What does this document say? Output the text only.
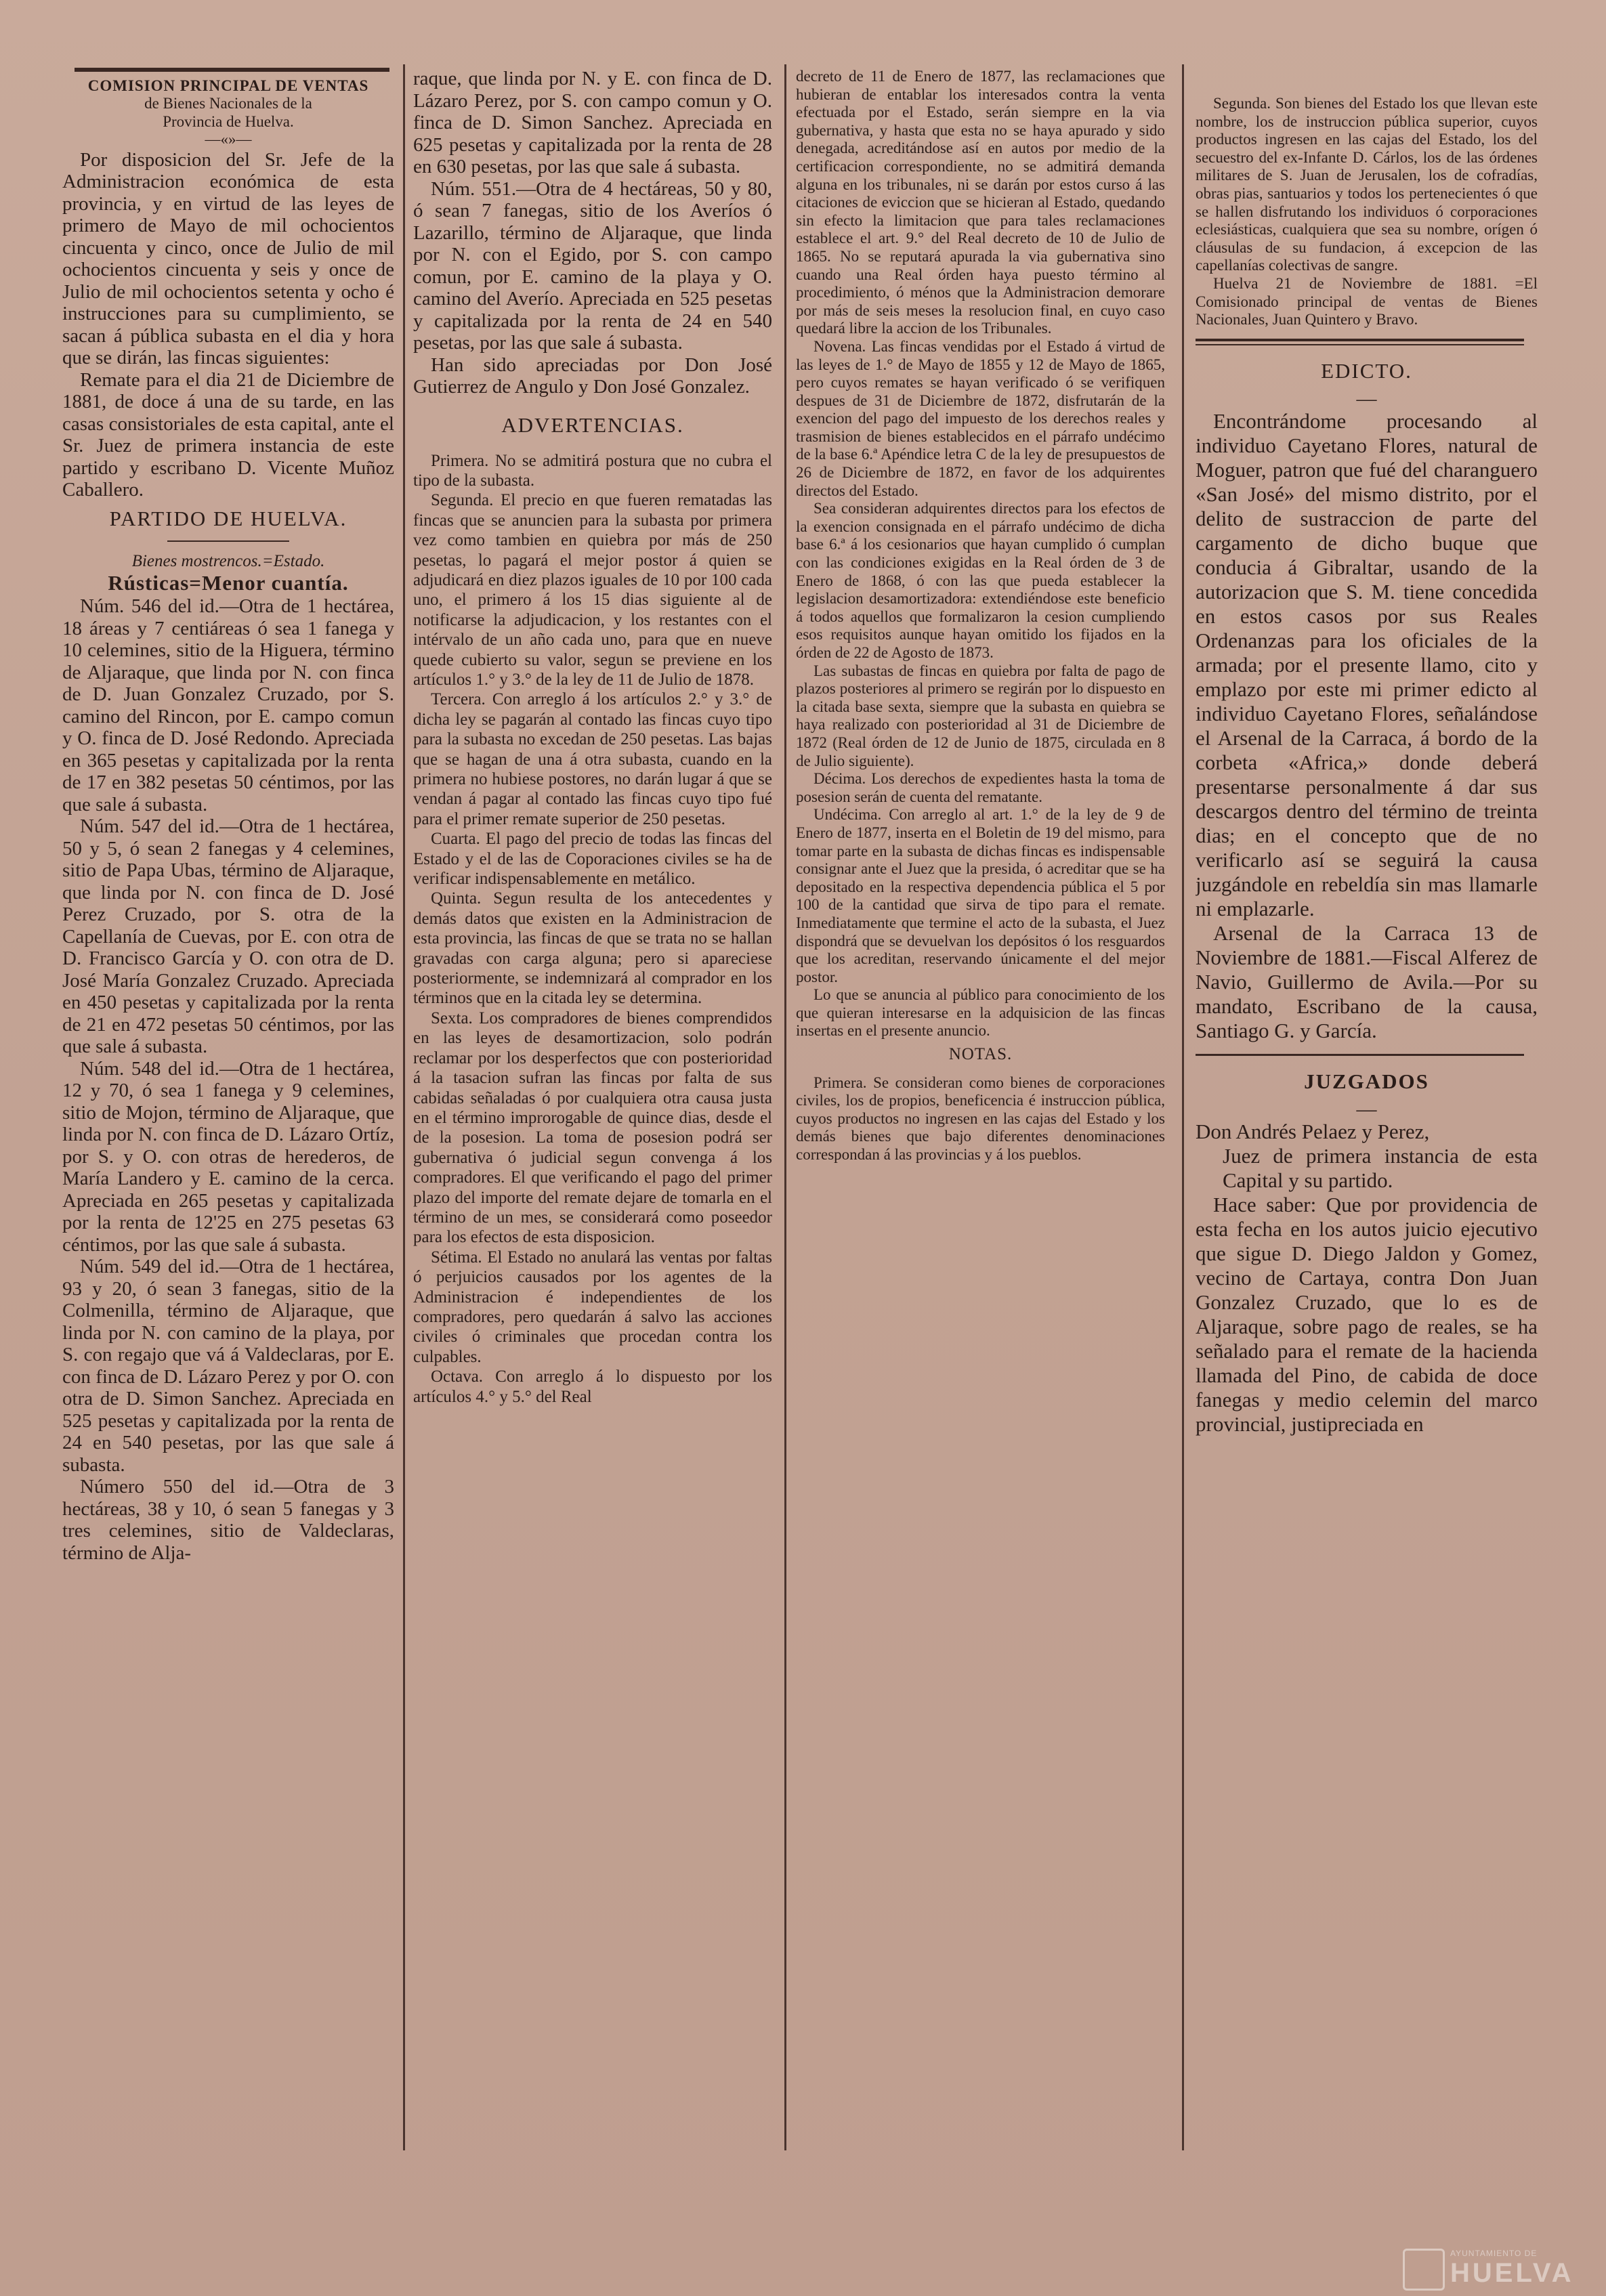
COMISION PRINCIPAL DE VENTAS

de Bienes Nacionales de la

Provincia de Huelva.

—«»—

Por disposicion del Sr. Jefe de la Administracion económica de esta provincia, y en virtud de las leyes de primero de Mayo de mil ochocientos cincuenta y cinco, once de Julio de mil ochocientos cincuenta y seis y once de Julio de mil ochocientos setenta y ocho é instrucciones para su cumplimiento, se sacan á pública subasta en el dia y hora que se dirán, las fincas siguientes:

Remate para el dia 21 de Diciembre de 1881, de doce á una de su tarde, en las casas consistoriales de esta capital, ante el Sr. Juez de primera instancia de este partido y escribano D. Vicente Muñoz Caballero.

PARTIDO DE HUELVA.

Bienes mostrencos.=Estado.

Rústicas=Menor cuantía.

Núm. 546 del id.—Otra de 1 hectárea, 18 áreas y 7 centiáreas ó sea 1 fanega y 10 celemines, sitio de la Higuera, término de Aljaraque, que linda por N. con finca de D. Juan Gonzalez Cruzado, por S. camino del Rincon, por E. campo comun y O. finca de D. José Redondo. Apreciada en 365 pesetas y capitalizada por la renta de 17 en 382 pesetas 50 céntimos, por las que sale á subasta.

Núm. 547 del id.—Otra de 1 hectárea, 50 y 5, ó sean 2 fanegas y 4 celemines, sitio de Papa Ubas, término de Aljaraque, que linda por N. con finca de D. José Perez Cruzado, por S. otra de la Capellanía de Cuevas, por E. con otra de D. Francisco García y O. con otra de D. José María Gonzalez Cruzado. Apreciada en 450 pesetas y capitalizada por la renta de 21 en 472 pesetas 50 céntimos, por las que sale á subasta.

Núm. 548 del id.—Otra de 1 hectárea, 12 y 70, ó sea 1 fanega y 9 celemines, sitio de Mojon, término de Aljaraque, que linda por N. con finca de D. Lázaro Ortíz, por S. y O. con otras de herederos, de María Landero y E. camino de la cerca. Apreciada en 265 pesetas y capitalizada por la renta de 12'25 en 275 pesetas 63 céntimos, por las que sale á subasta.

Núm. 549 del id.—Otra de 1 hectárea, 93 y 20, ó sean 3 fanegas, sitio de la Colmenilla, término de Aljaraque, que linda por N. con camino de la playa, por S. con regajo que vá á Valdeclaras, por E. con finca de D. Lázaro Perez y por O. con otra de D. Simon Sanchez. Apreciada en 525 pesetas y capitalizada por la renta de 24 en 540 pesetas, por las que sale á subasta.

Número 550 del id.—Otra de 3 hectáreas, 38 y 10, ó sean 5 fanegas y 3 tres celemines, sitio de Valdeclaras, término de Alja-

raque, que linda por N. y E. con finca de D. Lázaro Perez, por S. con campo comun y O. finca de D. Simon Sanchez. Apreciada en 625 pesetas y capitalizada por la renta de 28 en 630 pesetas, por las que sale á subasta.

Núm. 551.—Otra de 4 hectáreas, 50 y 80, ó sean 7 fanegas, sitio de los Averíos ó Lazarillo, término de Aljaraque, que linda por N. con el Egido, por S. con campo comun, por E. camino de la playa y O. camino del Averío. Apreciada en 525 pesetas y capitalizada por la renta de 24 en 540 pesetas, por las que sale á subasta.

Han sido apreciadas por Don José Gutierrez de Angulo y Don José Gonzalez.

ADVERTENCIAS.

Primera. No se admitirá postura que no cubra el tipo de la subasta.

Segunda. El precio en que fueren rematadas las fincas que se anuncien para la subasta por primera vez como tambien en quiebra por más de 250 pesetas, lo pagará el mejor postor á quien se adjudicará en diez plazos iguales de 10 por 100 cada uno, el primero á los 15 dias siguiente al de notificarse la adjudicacion, y los restantes con el intérvalo de un año cada uno, para que en nueve quede cubierto su valor, segun se previene en los artículos 1.° y 3.° de la ley de 11 de Julio de 1878.

Tercera. Con arreglo á los artículos 2.° y 3.° de dicha ley se pagarán al contado las fincas cuyo tipo para la subasta no excedan de 250 pesetas. Las bajas que se hagan de una á otra subasta, cuando en la primera no hubiese postores, no darán lugar á que se vendan á pagar al contado las fincas cuyo tipo fué para el primer remate superior de 250 pesetas.

Cuarta. El pago del precio de todas las fincas del Estado y el de las de Coporaciones civiles se ha de verificar indispensablemente en metálico.

Quinta. Segun resulta de los antecedentes y demás datos que existen en la Administracion de esta provincia, las fincas de que se trata no se hallan gravadas con carga alguna; pero si apareciese posteriormente, se indemnizará al comprador en los términos que en la citada ley se determina.

Sexta. Los compradores de bienes comprendidos en las leyes de desamortizacion, solo podrán reclamar por los desperfectos que con posterioridad á la tasacion sufran las fincas por falta de sus cabidas señaladas ó por cualquiera otra causa justa en el término improrogable de quince dias, desde el de la posesion. La toma de posesion podrá ser gubernativa ó judicial segun convenga á los compradores. El que verificando el pago del primer plazo del importe del remate dejare de tomarla en el término de un mes, se considerará como poseedor para los efectos de esta disposicion.

Sétima. El Estado no anulará las ventas por faltas ó perjuicios causados por los agentes de la Administracion é independientes de los compradores, pero quedarán á salvo las acciones civiles ó criminales que procedan contra los culpables.

Octava. Con arreglo á lo dispuesto por los artículos 4.° y 5.° del Real

decreto de 11 de Enero de 1877, las reclamaciones que hubieran de entablar los interesados contra la venta efectuada por el Estado, serán siempre en la via gubernativa, y hasta que esta no se haya apurado y sido denegada, acreditándose así en autos por medio de la certificacion correspondiente, no se admitirá demanda alguna en los tribunales, ni se darán por estos curso á las citaciones de eviccion que se hicieran al Estado, quedando sin efecto la limitacion que para tales reclamaciones establece el art. 9.° del Real decreto de 10 de Julio de 1865. No se reputará apurada la via gubernativa sino cuando una Real órden haya puesto término al procedimiento, ó ménos que la Administracion demorare por más de seis meses la resolucion final, en cuyo caso quedará libre la accion de los Tribunales.

Novena. Las fincas vendidas por el Estado á virtud de las leyes de 1.° de Mayo de 1855 y 12 de Mayo de 1865, pero cuyos remates se hayan verificado ó se verifiquen despues de 31 de Diciembre de 1872, disfrutarán de la exencion del pago del impuesto de los derechos reales y trasmision de bienes establecidos en el párrafo undécimo de la base 6.ª Apéndice letra C de la ley de presupuestos de 26 de Diciembre de 1872, en favor de los adquirentes directos del Estado.

Sea consideran adquirentes directos para los efectos de la exencion consignada en el párrafo undécimo de dicha base 6.ª á los cesionarios que hayan cumplido ó cumplan con las condiciones exigidas en la Real órden de 3 de Enero de 1868, ó con las que pueda establecer la legislacion desamortizadora: extendiéndose este beneficio á todos aquellos que formalizaron la cesion cumpliendo esos requisitos aunque hayan omitido los fijados en la órden de 22 de Agosto de 1873.

Las subastas de fincas en quiebra por falta de pago de plazos posteriores al primero se regirán por lo dispuesto en la citada base sexta, siempre que la subasta en quiebra se haya realizado con posterioridad al 31 de Diciembre de 1872 (Real órden de 12 de Junio de 1875, circulada en 8 de Julio siguiente).

Décima. Los derechos de expedientes hasta la toma de posesion serán de cuenta del rematante.

Undécima. Con arreglo al art. 1.° de la ley de 9 de Enero de 1877, inserta en el Boletin de 19 del mismo, para tomar parte en la subasta de dichas fincas es indispensable consignar ante el Juez que la presida, ó acreditar que se ha depositado en la respectiva dependencia pública el 5 por 100 de la cantidad que sirva de tipo para el remate. Inmediatamente que termine el acto de la subasta, el Juez dispondrá que se devuelvan los depósitos ó los resguardos que los acreditan, reservando únicamente el del mejor postor.

Lo que se anuncia al público para conocimiento de los que quieran interesarse en la adquisicion de las fincas insertas en el presente anuncio.

NOTAS.

Primera. Se consideran como bienes de corporaciones civiles, los de propios, beneficencia é instruccion pública, cuyos productos no ingresen en las cajas del Estado y los demás bienes que bajo diferentes denominaciones correspondan á las provincias y á los pueblos.

Segunda. Son bienes del Estado los que llevan este nombre, los de instruccion pública superior, cuyos productos ingresen en las cajas del Estado, los del secuestro del ex-Infante D. Cárlos, los de las órdenes militares de S. Juan de Jerusalen, los de cofradías, obras pias, santuarios y todos los pertenecientes ó que se hallen disfrutando los individuos ó corporaciones eclesiásticas, cualquiera que sea su nombre, orígen ó cláusulas de su fundacion, á excepcion de las capellanías colectivas de sangre.

Huelva 21 de Noviembre de 1881. =El Comisionado principal de ventas de Bienes Nacionales, Juan Quintero y Bravo.

EDICTO.

—

Encontrándome procesando al individuo Cayetano Flores, natural de Moguer, patron que fué del charanguero «San José» del mismo distrito, por el delito de sustraccion de parte del cargamento de dicho buque que conducia á Gibraltar, usando de la autorizacion que S. M. tiene concedida en estos casos por sus Reales Ordenanzas para los oficiales de la armada; por el presente llamo, cito y emplazo por este mi primer edicto al individuo Cayetano Flores, señalándose el Arsenal de la Carraca, á bordo de la corbeta «Africa,» donde deberá presentarse personalmente á dar sus descargos dentro del término de treinta dias; en el concepto que de no verificarlo así se seguirá la causa juzgándole en rebeldía sin mas llamarle ni emplazarle.

Arsenal de la Carraca 13 de Noviembre de 1881.—Fiscal Alferez de Navio, Guillermo de Avila.—Por su mandato, Escribano de la causa, Santiago G. y García.

JUZGADOS

—

Don Andrés Pelaez y Perez,

Juez de primera instancia de esta Capital y su partido.

Hace saber: Que por providencia de esta fecha en los autos juicio ejecutivo que sigue D. Diego Jaldon y Gomez, vecino de Cartaya, contra Don Juan Gonzalez Cruzado, que lo es de Aljaraque, sobre pago de reales, se ha señalado para el remate de la hacienda llamada del Pino, de cabida de doce fanegas y medio celemin del marco provincial, justipreciada en

AYUNTAMIENTO DE
HUELVA
